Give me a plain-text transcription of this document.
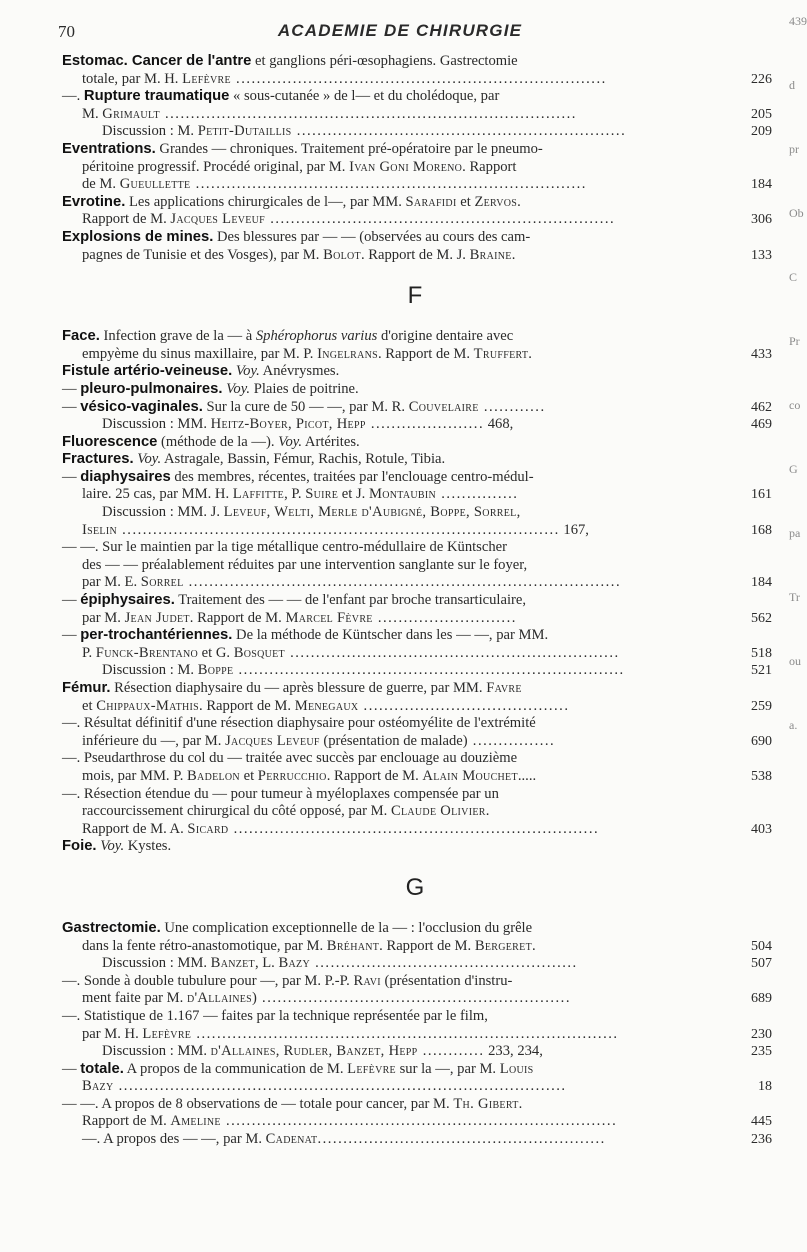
70	ACADEMIE DE CHIRURGIE	439
d
pr
Ob
C
Pr
co
G
pa
Tr
ou
a.
Estomac. Cancer de l'antre et ganglions péri-œsophagiens. Gastrectomie
totale, par M. H. Lefèvre ........................................................................	226
—. Rupture traumatique « sous-cutanée » de l— et du cholédoque, par
M. Grimault ................................................................................	205
Discussion : M. Petit-Dutaillis ................................................................	209
Eventrations. Grandes — chroniques. Traitement pré-opératoire par le pneumo-
péritoine progressif. Procédé original, par M. Ivan Goni Moreno. Rapport
de M. Gueullette ............................................................................	184
Evrotine. Les applications chirurgicales de l—, par MM. Sarafidi et Zervos.
Rapport de M. Jacques Leveuf ...................................................................	306
Explosions de mines. Des blessures par — — (observées au cours des cam-
pagnes de Tunisie et des Vosges), par M. Bolot. Rapport de M. J. Braine.	133
F
Face. Infection grave de la — à Sphérophorus varius d'origine dentaire avec
empyème du sinus maxillaire, par M. P. Ingelrans. Rapport de M. Truffert.	433
Fistule artério-veineuse. Voy. Anévrysmes.
— pleuro-pulmonaires. Voy. Plaies de poitrine.
— vésico-vaginales. Sur la cure de 50 — —, par M. R. Couvelaire ............	462
Discussion : MM. Heitz-Boyer, Picot, Hepp ...................... 468,	469
Fluorescence (méthode de la —). Voy. Artérites.
Fractures. Voy. Astragale, Bassin, Fémur, Rachis, Rotule, Tibia.
— diaphysaires des membres, récentes, traitées par l'enclouage centro-médul-
laire. 25 cas, par MM. H. Laffitte, P. Suire et J. Montaubin ...............	161
Discussion : MM. J. Leveuf, Welti, Merle d'Aubigné, Boppe, Sorrel,
Iselin ..................................................................................... 167,	168
— —. Sur le maintien par la tige métallique centro-médullaire de Küntscher
des — — préalablement réduites par une intervention sanglante sur le foyer,
par M. E. Sorrel ....................................................................................	184
— épiphysaires. Traitement des — — de l'enfant par broche transarticulaire,
par M. Jean Judet. Rapport de M. Marcel Fèvre ...........................	562
— per-trochantériennes. De la méthode de Küntscher dans les — —, par MM.
P. Funck-Brentano et G. Bosquet ................................................................	518
Discussion : M. Boppe ...........................................................................	521
Fémur. Résection diaphysaire du — après blessure de guerre, par MM. Favre
et Chippaux-Mathis. Rapport de M. Menegaux ........................................	259
—. Résultat définitif d'une résection diaphysaire pour ostéomyélite de l'extrémité
inférieure du —, par M. Jacques Leveuf (présentation de malade) ................	690
—. Pseudarthrose du col du — traitée avec succès par enclouage au douzième
mois, par MM. P. Badelon et Perrucchio. Rapport de M. Alain Mouchet.....	538
—. Résection étendue du — pour tumeur à myéloplaxes compensée par un
raccourcissement chirurgical du côté opposé, par M. Claude Olivier.
Rapport de M. A. Sicard .......................................................................	403
Foie. Voy. Kystes.
G
Gastrectomie. Une complication exceptionnelle de la — : l'occlusion du grêle
dans la fente rétro-anastomotique, par M. Bréhant. Rapport de M. Bergeret.	504
Discussion : MM. Banzet, L. Bazy ...................................................	507
—. Sonde à double tubulure pour —, par M. P.-P. Ravi (présentation d'instru-
ment faite par M. d'Allaines) ............................................................	689
—. Statistique de 1.167 — faites par la technique représentée par le film,
par M. H. Lefèvre ..................................................................................	230
Discussion : MM. d'Allaines, Rudler, Banzet, Hepp ............ 233, 234,	235
— totale. A propos de la communication de M. Lefèvre sur la —, par M. Louis
Bazy .......................................................................................	18
— —. A propos de 8 observations de — totale pour cancer, par M. Th. Gibert.
Rapport de M. Ameline ............................................................................	445
—. A propos des — —, par M. Cadenat........................................................	236
